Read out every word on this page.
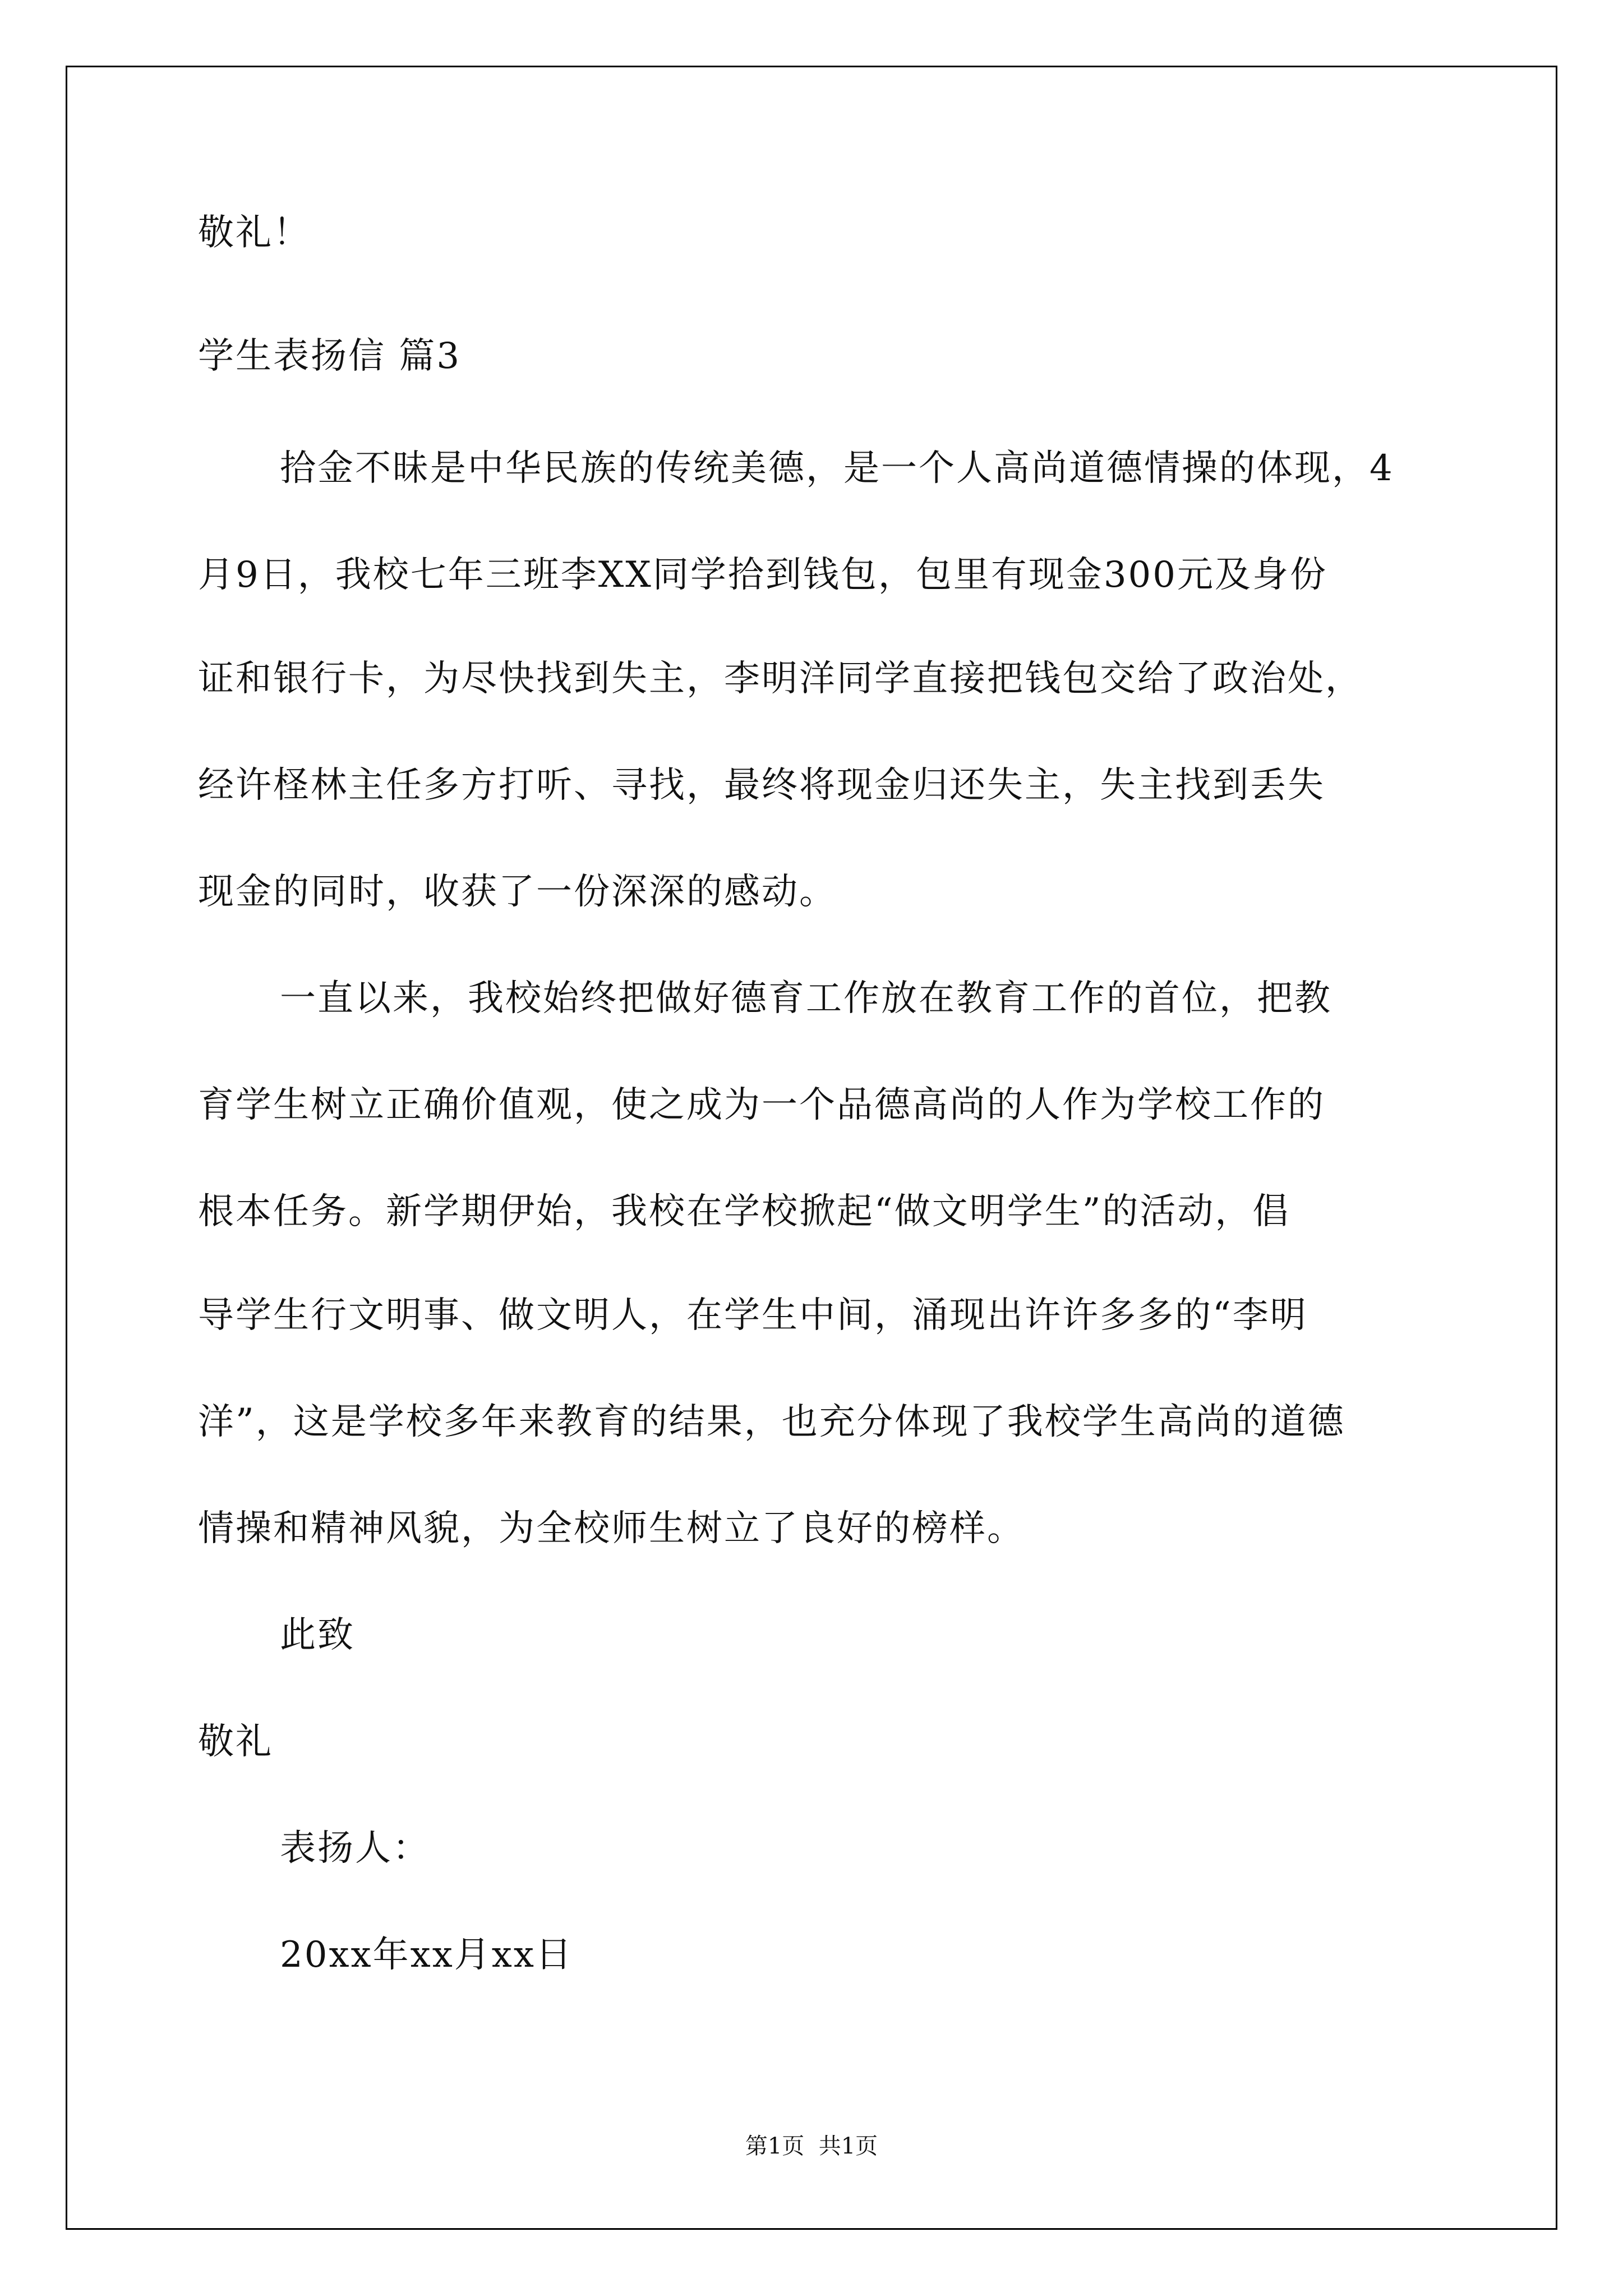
敬礼！

学生表扬信 篇3

拾金不昧是中华民族的传统美德，是一个人高尚道德情操的体现，4

月9日，我校七年三班李XX同学拾到钱包，包里有现金300元及身份

证和银行卡，为尽快找到失主，李明洋同学直接把钱包交给了政治处，

经许柽林主任多方打听、寻找，最终将现金归还失主，失主找到丢失

现金的同时，收获了一份深深的感动。

一直以来，我校始终把做好德育工作放在教育工作的首位，把教

育学生树立正确价值观，使之成为一个品德高尚的人作为学校工作的

根本任务。新学期伊始，我校在学校掀起“做文明学生”的活动，倡

导学生行文明事、做文明人，在学生中间，涌现出许许多多的“李明

洋”，这是学校多年来教育的结果，也充分体现了我校学生高尚的道德

情操和精神风貌，为全校师生树立了良好的榜样。

此致

敬礼

表扬人：

20xx年xx月xx日

第1页  共1页
